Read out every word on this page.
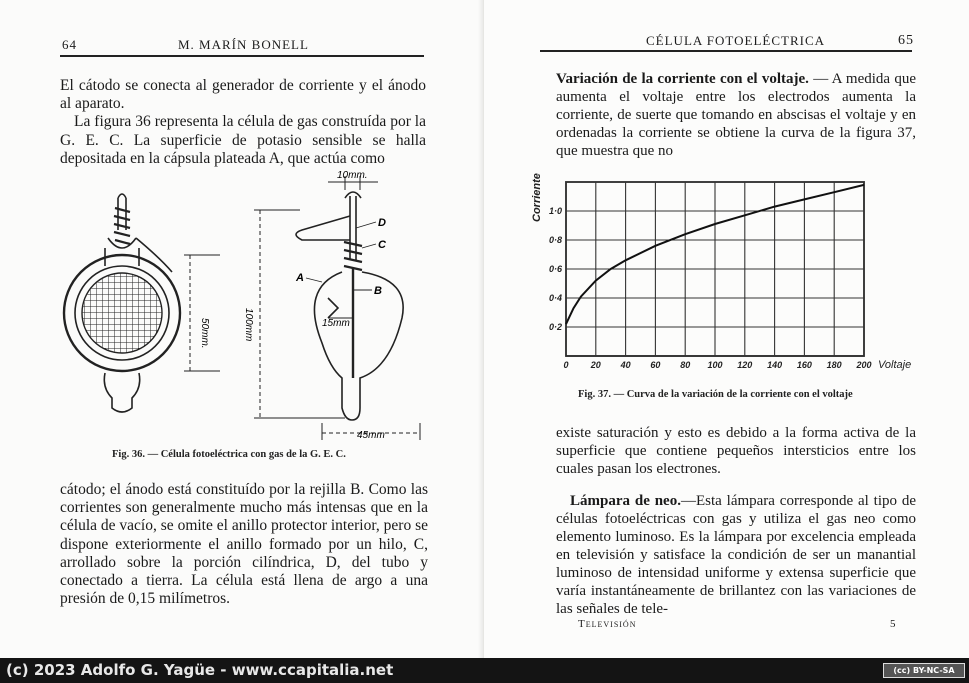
64	M. MARÍN BONELL

El cátodo se conecta al generador de corriente y el ánodo al aparato.

La figura 36 representa la célula de gas construída por la G. E. C. La superficie de potasio sensible se halla depositada en la cápsula plateada A, que actúa como

50mm.	100mm
10mm.
15mm
45mm
D
C
A
B
Fig. 36. — Célula fotoeléctrica con gas de la G. E. C.

cátodo; el ánodo está constituído por la rejilla B. Como las corrientes son generalmente mucho más intensas que en la célula de vacío, se omite el anillo protector interior, pero se dispone exteriormente el anillo formado por un hilo, C, arrollado sobre la porción cilíndrica, D, del tubo y conectado a tierra. La célula está llena de argo a una presión de 0,15 milímetros.

CÉLULA FOTOELÉCTRICA	65

Variación de la corriente con el voltaje. — A medida que aumenta el voltaje entre los electrodos aumenta la corriente, de suerte que tomando en abscisas el voltaje y en ordenadas la corriente se obtiene la curva de la figura 37, que muestra que no

0 20 40 60 80 100 120 140 160 180 200
0·2
0·4
0·6
0·8
1·0
Voltaje
Corriente
Fig. 37. — Curva de la variación de la corriente con el voltaje

existe saturación y esto es debido a la forma activa de la superficie que contiene pequeños intersticios entre los cuales pasan los electrones.

Lámpara de neo.—Esta lámpara corresponde al tipo de células fotoeléctricas con gas y utiliza el gas neo como elemento luminoso. Es la lámpara por excelencia empleada en televisión y satisface la condición de ser un manantial luminoso de intensidad uniforme y extensa superficie que varía instantáneamente de brillantez con las variaciones de las señales de tele-

Televisión	5
(c) 2023 Adolfo G. Yagüe - www.ccapitalia.net	(cc) BY-NC-SA
